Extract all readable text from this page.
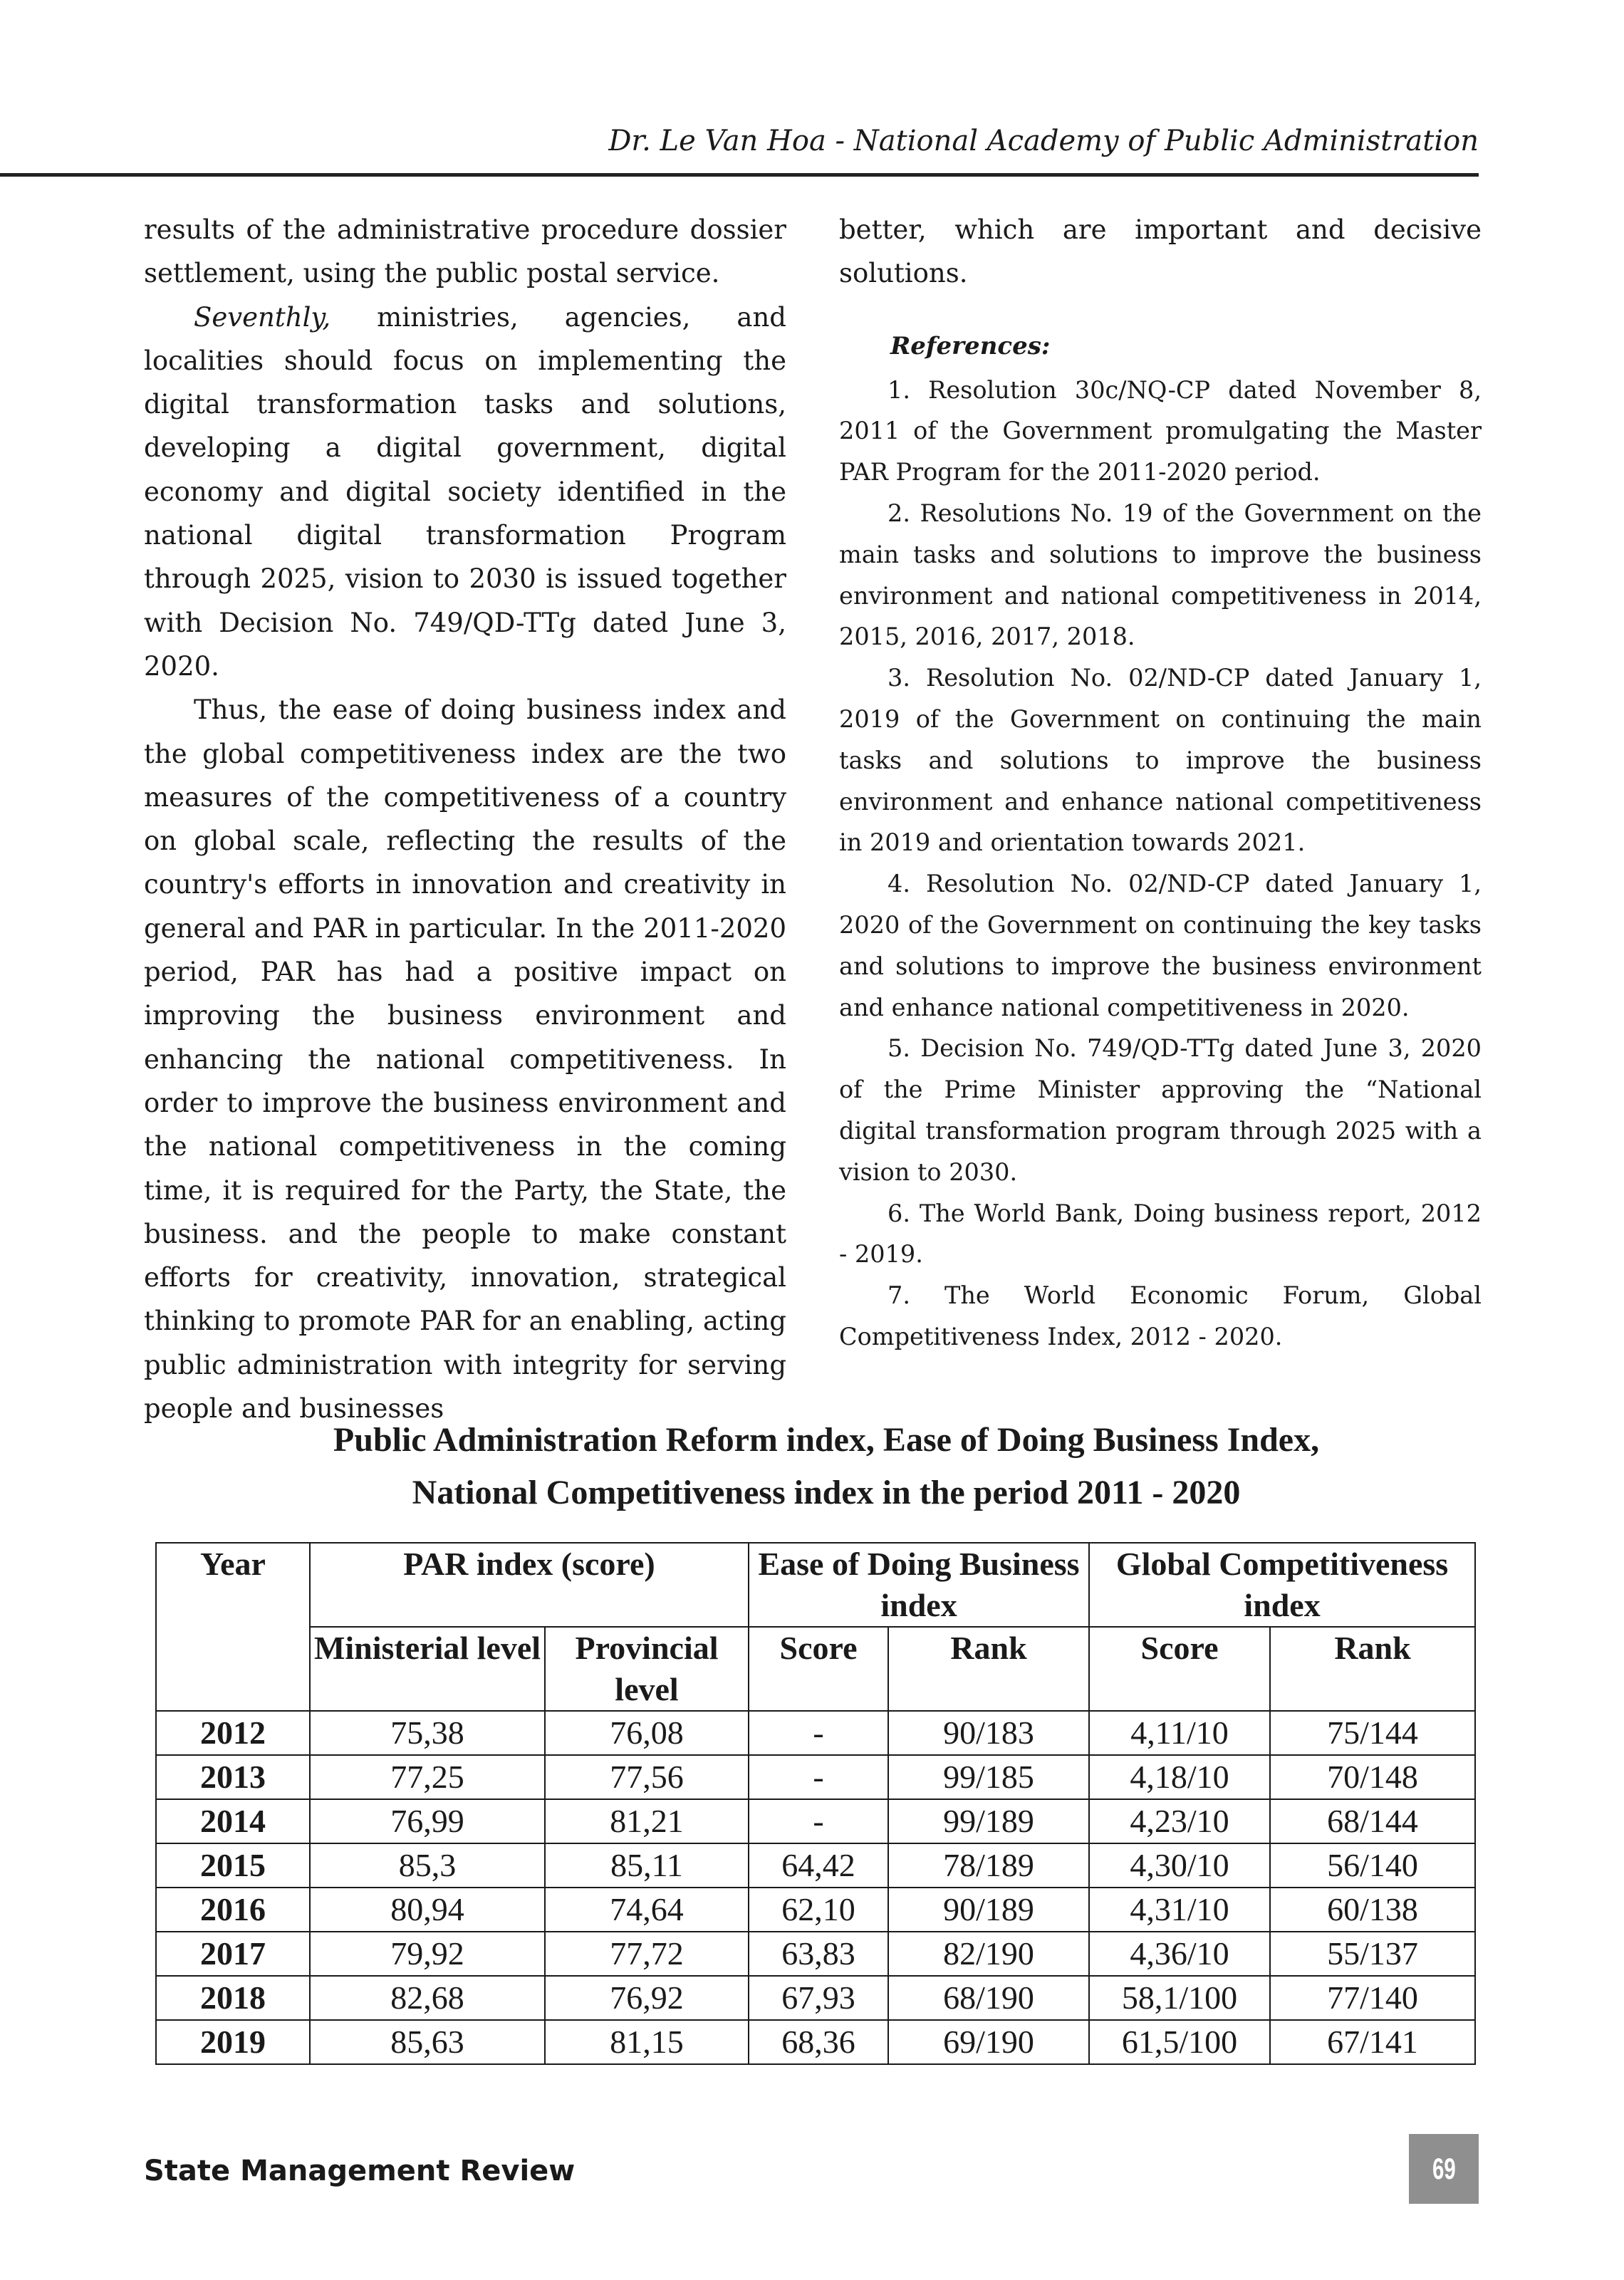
Dr. Le Van Hoa - National Academy of Public Administration

results of the administrative procedure dossier settlement, using the public postal service.

Seventhly, ministries, agencies, and localities should focus on implementing the digital transformation tasks and solutions, developing a digital government, digital economy and digital society identified in the national digital transformation Program through 2025, vision to 2030 is issued together with Decision No. 749/QD-TTg dated June 3, 2020.

Thus, the ease of doing business index and the global competitiveness index are the two measures of the competitiveness of a country on global scale, reflecting the results of the country's efforts in innovation and creativity in general and PAR in particular. In the 2011-2020 period, PAR has had a positive impact on improving the business environment and enhancing the national competitiveness. In order to improve the business environment and the national competitiveness in the coming time, it is required for the Party, the State, the business. and the people to make constant efforts for creativity, innovation, strategical thinking to promote PAR for an enabling, acting public administration with integrity for serving people and businesses

better, which are important and decisive solutions.

References:

1. Resolution 30c/NQ-CP dated November 8, 2011 of the Government promulgating the Master PAR Program for the 2011-2020 period.

2. Resolutions No. 19 of the Government on the main tasks and solutions to improve the business environment and national competitiveness in 2014, 2015, 2016, 2017, 2018.

3. Resolution No. 02/ND-CP dated January 1, 2019 of the Government on continuing the main tasks and solutions to improve the business environment and enhance national competitiveness in 2019 and orientation towards 2021.

4. Resolution No. 02/ND-CP dated January 1, 2020 of the Government on continuing the key tasks and solutions to improve the business environment and enhance national competitiveness in 2020.

5. Decision No. 749/QD-TTg dated June 3, 2020 of the Prime Minister approving the “National digital transformation program through 2025 with a vision to 2030.

6. The World Bank, Doing business report, 2012 - 2019.

7. The World Economic Forum, Global Competitiveness Index, 2012 - 2020.

Public Administration Reform index, Ease of Doing Business Index,
National Competitiveness index in the period 2011 - 2020
Year	PAR index (score)		Ease of Doing Business index		Global Competitiveness index	
	Ministerial level	Provincial level	Score	Rank	Score	Rank
2012	75,38	76,08	-	90/183	4,11/10	75/144
2013	77,25	77,56	-	99/185	4,18/10	70/148
2014	76,99	81,21	-	99/189	4,23/10	68/144
2015	85,3	85,11	64,42	78/189	4,30/10	56/140
2016	80,94	74,64	62,10	90/189	4,31/10	60/138
2017	79,92	77,72	63,83	82/190	4,36/10	55/137
2018	82,68	76,92	67,93	68/190	58,1/100	77/140
2019	85,63	81,15	68,36	69/190	61,5/100	67/141
State Management Review	69
